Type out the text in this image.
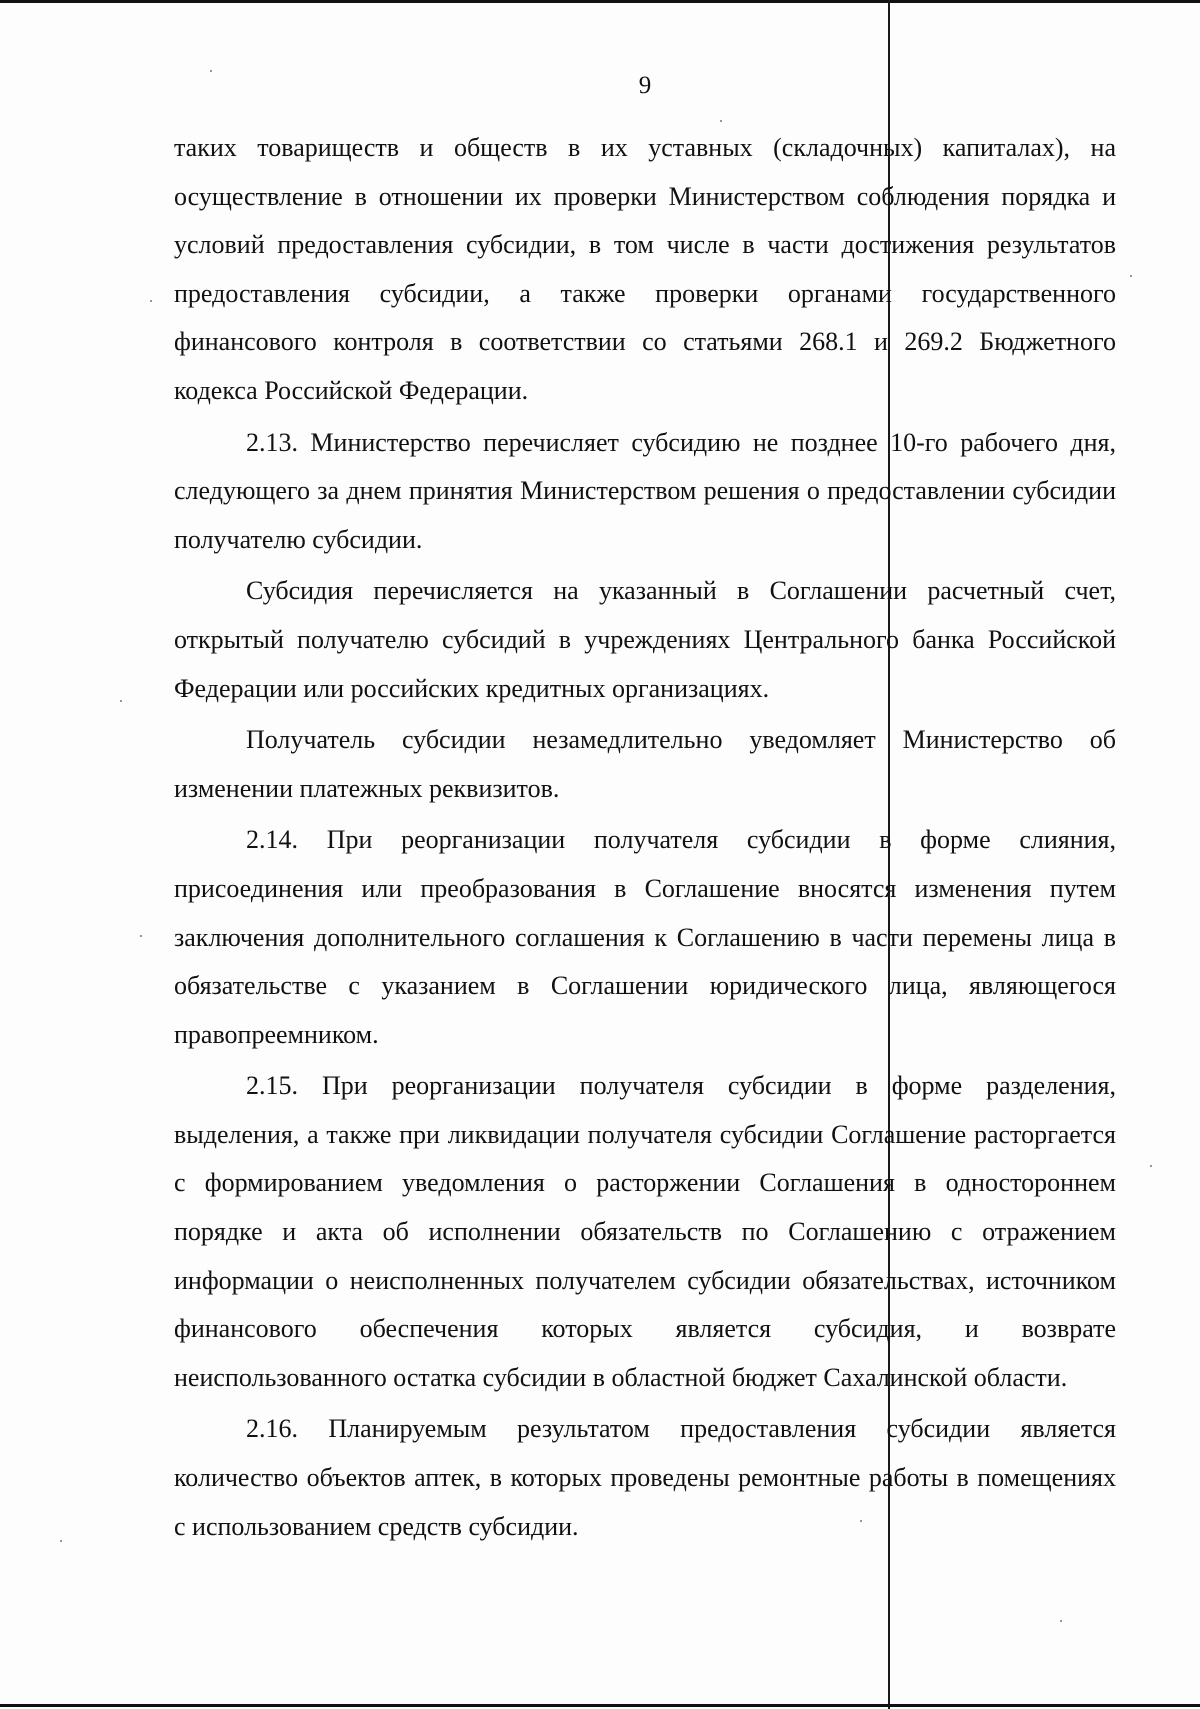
9

таких товариществ и обществ в их уставных (складочных) капиталах), на осуществление в отношении их проверки Министерством соблюдения порядка и условий предоставления субсидии, в том числе в части достижения результатов предоставления субсидии, а также проверки органами государственного финансового контроля в соответствии со статьями 268.1 и 269.2 Бюджетного кодекса Российской Федерации.

2.13. Министерство перечисляет субсидию не позднее 10-го рабочего дня, следующего за днем принятия Министерством решения о предоставлении субсидии получателю субсидии.

Субсидия перечисляется на указанный в Соглашении расчетный счет, открытый получателю субсидий в учреждениях Центрального банка Российской Федерации или российских кредитных организациях.

Получатель субсидии незамедлительно уведомляет Министерство об изменении платежных реквизитов.

2.14. При реорганизации получателя субсидии в форме слияния, присоединения или преобразования в Соглашение вносятся изменения путем заключения дополнительного соглашения к Соглашению в части перемены лица в обязательстве с указанием в Соглашении юридического лица, являющегося правопреемником.

2.15. При реорганизации получателя субсидии в форме разделения, выделения, а также при ликвидации получателя субсидии Соглашение расторгается с формированием уведомления о расторжении Соглашения в одностороннем порядке и акта об исполнении обязательств по Соглашению с отражением информации о неисполненных получателем субсидии обязательствах, источником финансового обеспечения которых является субсидия, и возврате неиспользованного остатка субсидии в областной бюджет Сахалинской области.

2.16. Планируемым результатом предоставления субсидии является количество объектов аптек, в которых проведены ремонтные работы в помещениях с использованием средств субсидии.
